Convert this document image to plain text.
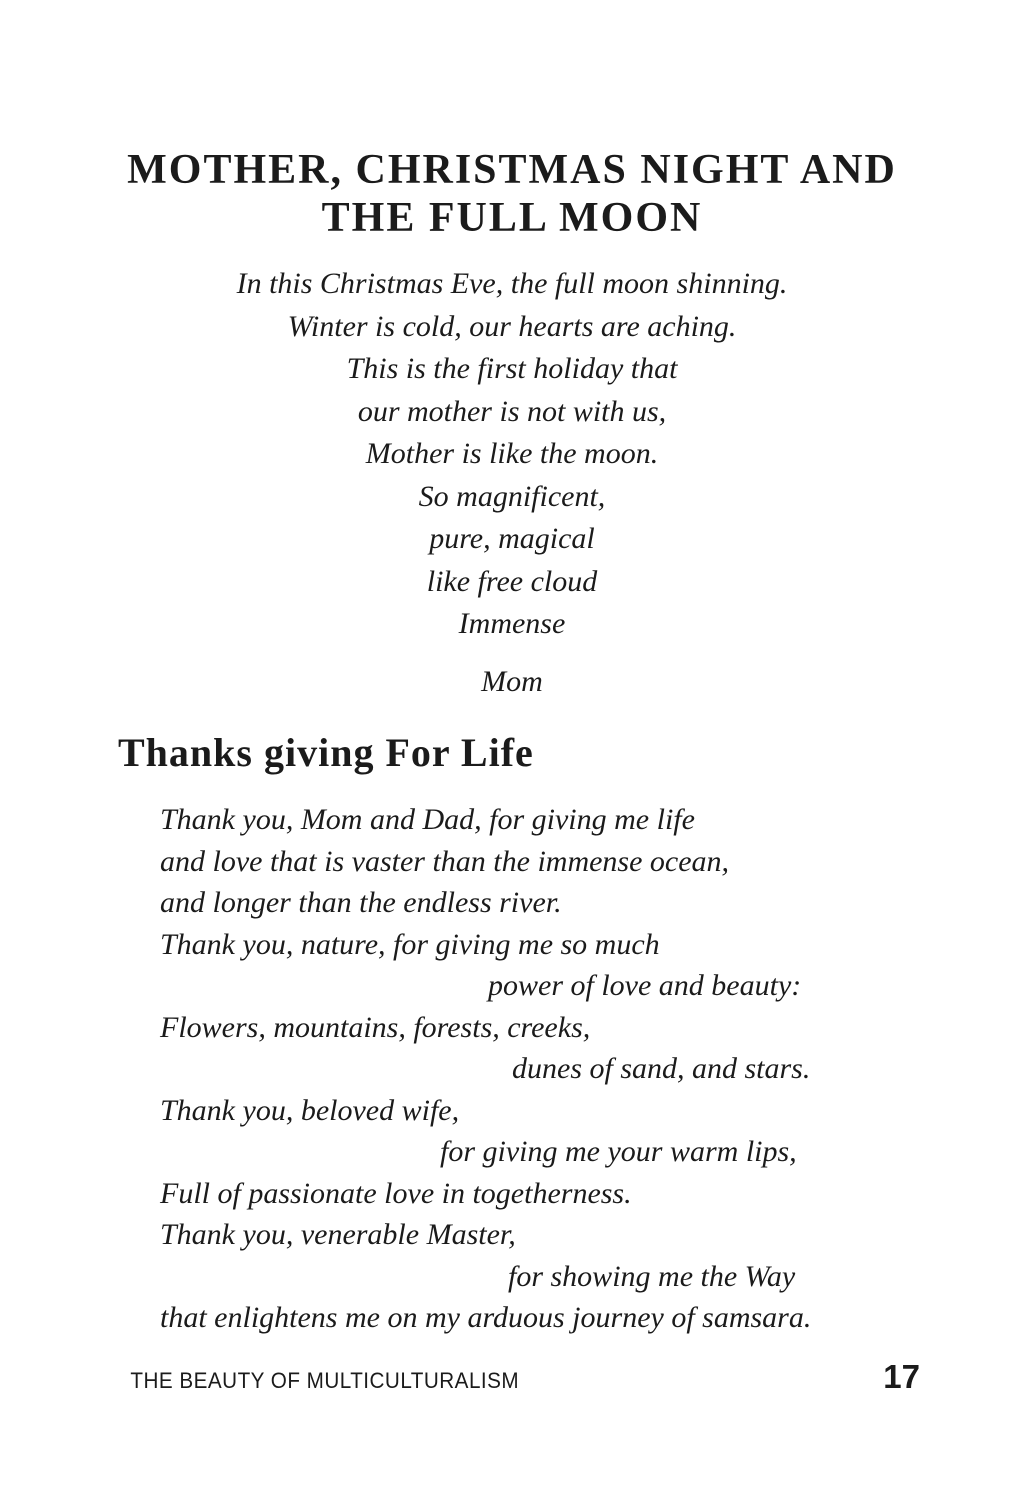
MOTHER, CHRISTMAS NIGHT AND
THE FULL MOON
In this Christmas Eve, the full moon shinning.
Winter is cold, our hearts are aching.
This is the first holiday that
our mother is not with us,
Mother is like the moon.
So magnificent,
pure, magical
like free cloud
Immense
Mom
Thanks giving For Life
Thank you, Mom and Dad, for giving me life
and love that is vaster than the immense ocean,
and longer than the endless river.
Thank you, nature, for giving me so much
power of love and beauty:
Flowers, mountains, forests, creeks,
dunes of sand, and stars.
Thank you, beloved wife,
for giving me your warm lips,
Full of passionate love in togetherness.
Thank you, venerable Master,
for showing me the Way
that enlightens me on my arduous journey of samsara.
THE BEAUTY OF MULTICULTURALISM	17
